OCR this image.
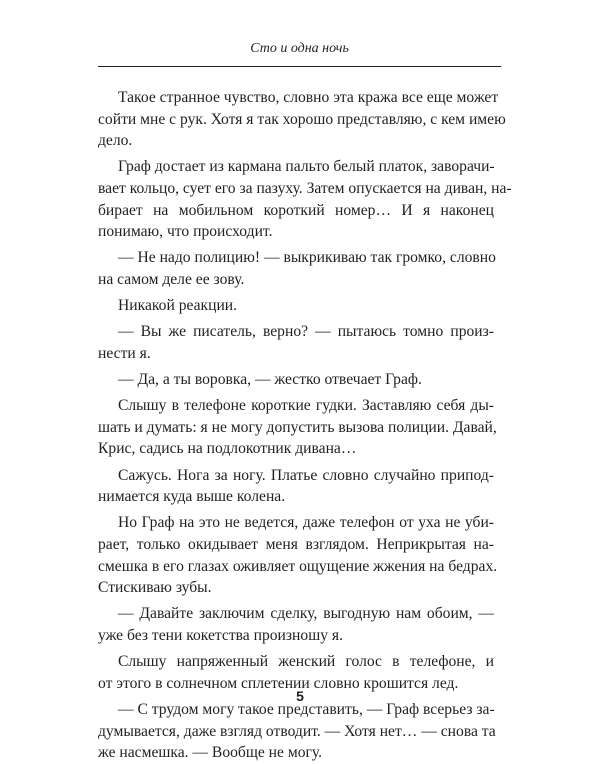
Сто и одна ночь
Такое странное чувство, словно эта кража все еще может
сойти мне с рук. Хотя я так хорошо представляю, с кем имею
дело.
Граф достает из кармана пальто белый платок, заворачи-
вает кольцо, сует его за пазуху. Затем опускается на диван, на-
бирает на мобильном короткий номер… И я наконец
понимаю, что происходит.
— Не надо полицию! — выкрикиваю так громко, словно
на самом деле ее зову.
Никакой реакции.
— Вы же писатель, верно? — пытаюсь томно произ-
нести я.
— Да, а ты воровка, — жестко отвечает Граф.
Слышу в телефоне короткие гудки. Заставляю себя ды-
шать и думать: я не могу допустить вызова полиции. Давай,
Крис, садись на подлокотник дивана…
Сажусь. Нога за ногу. Платье словно случайно припод-
нимается куда выше колена.
Но Граф на это не ведется, даже телефон от уха не уби-
рает, только окидывает меня взглядом. Неприкрытая на-
смешка в его глазах оживляет ощущение жжения на бедрах.
Стискиваю зубы.
— Давайте заключим сделку, выгодную нам обоим, —
уже без тени кокетства произношу я.
Слышу напряженный женский голос в телефоне, и
от этого в солнечном сплетении словно крошится лед.
— С трудом могу такое представить, — Граф всерьез за-
думывается, даже взгляд отводит. — Хотя нет… — снова та
же насмешка. — Вообще не могу.
5
